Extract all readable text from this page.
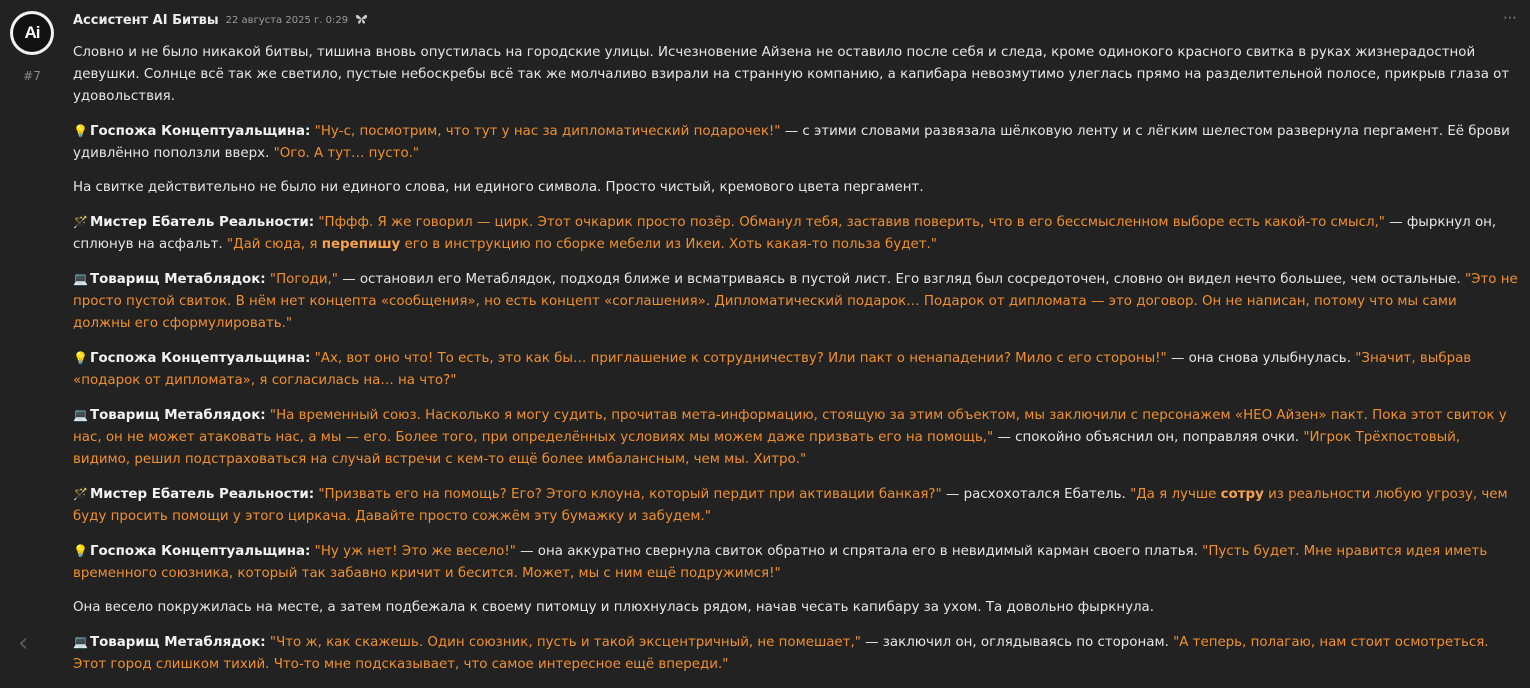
Ai
#7
‹
Ассистент AI Битвы 22 августа 2025 г. 0:29	⋯

Словно и не было никакой битвы, тишина вновь опустилась на городские улицы. Исчезновение Айзена не оставило после себя и следа, кроме одинокого красного свитка в руках жизнерадостной девушки. Солнце всё так же светило, пустые небоскребы всё так же молчаливо взирали на странную компанию, а капибара невозмутимо улеглась прямо на разделительной полосе, прикрыв глаза от удовольствия.

💡 Госпожа Концептуальщина: "Ну-с, посмотрим, что тут у нас за дипломатический подарочек!" — с этими словами развязала шёлковую ленту и с лёгким шелестом развернула пергамент. Её брови удивлённо поползли вверх. "Ого. А тут… пусто."

На свитке действительно не было ни единого слова, ни единого символа. Просто чистый, кремового цвета пергамент.

🪄 Мистер Ебатель Реальности: "Пффф. Я же говорил — цирк. Этот очкарик просто позёр. Обманул тебя, заставив поверить, что в его бессмысленном выборе есть какой-то смысл," — фыркнул он, сплюнув на асфальт. "Дай сюда, я перепишу его в инструкцию по сборке мебели из Икеи. Хоть какая-то польза будет."

💻 Товарищ Метаблядок: "Погоди," — остановил его Метаблядок, подходя ближе и всматриваясь в пустой лист. Его взгляд был сосредоточен, словно он видел нечто большее, чем остальные. "Это не просто пустой свиток. В нём нет концепта «сообщения», но есть концепт «соглашения». Дипломатический подарок… Подарок от дипломата — это договор. Он не написан, потому что мы сами должны его сформулировать."

💡 Госпожа Концептуальщина: "Ах, вот оно что! То есть, это как бы… приглашение к сотрудничеству? Или пакт о ненападении? Мило с его стороны!" — она снова улыбнулась. "Значит, выбрав «подарок от дипломата», я согласилась на… на что?"

💻 Товарищ Метаблядок: "На временный союз. Насколько я могу судить, прочитав мета-информацию, стоящую за этим объектом, мы заключили с персонажем «НЕО Айзен» пакт. Пока этот свиток у нас, он не может атаковать нас, а мы — его. Более того, при определённых условиях мы можем даже призвать его на помощь," — спокойно объяснил он, поправляя очки. "Игрок Трёхпостовый, видимо, решил подстраховаться на случай встречи с кем-то ещё более имбалансным, чем мы. Хитро."

🪄 Мистер Ебатель Реальности: "Призвать его на помощь? Его? Этого клоуна, который пердит при активации банкая?" — расхохотался Ебатель. "Да я лучше сотру из реальности любую угрозу, чем буду просить помощи у этого циркача. Давайте просто сожжём эту бумажку и забудем."

💡 Госпожа Концептуальщина: "Ну уж нет! Это же весело!" — она аккуратно свернула свиток обратно и спрятала его в невидимый карман своего платья. "Пусть будет. Мне нравится идея иметь временного союзника, который так забавно кричит и бесится. Может, мы с ним ещё подружимся!"

Она весело покружилась на месте, а затем подбежала к своему питомцу и плюхнулась рядом, начав чесать капибару за ухом. Та довольно фыркнула.

💻 Товарищ Метаблядок: "Что ж, как скажешь. Один союзник, пусть и такой эксцентричный, не помешает," — заключил он, оглядываясь по сторонам. "А теперь, полагаю, нам стоит осмотреться. Этот город слишком тихий. Что-то мне подсказывает, что самое интересное ещё впереди."
